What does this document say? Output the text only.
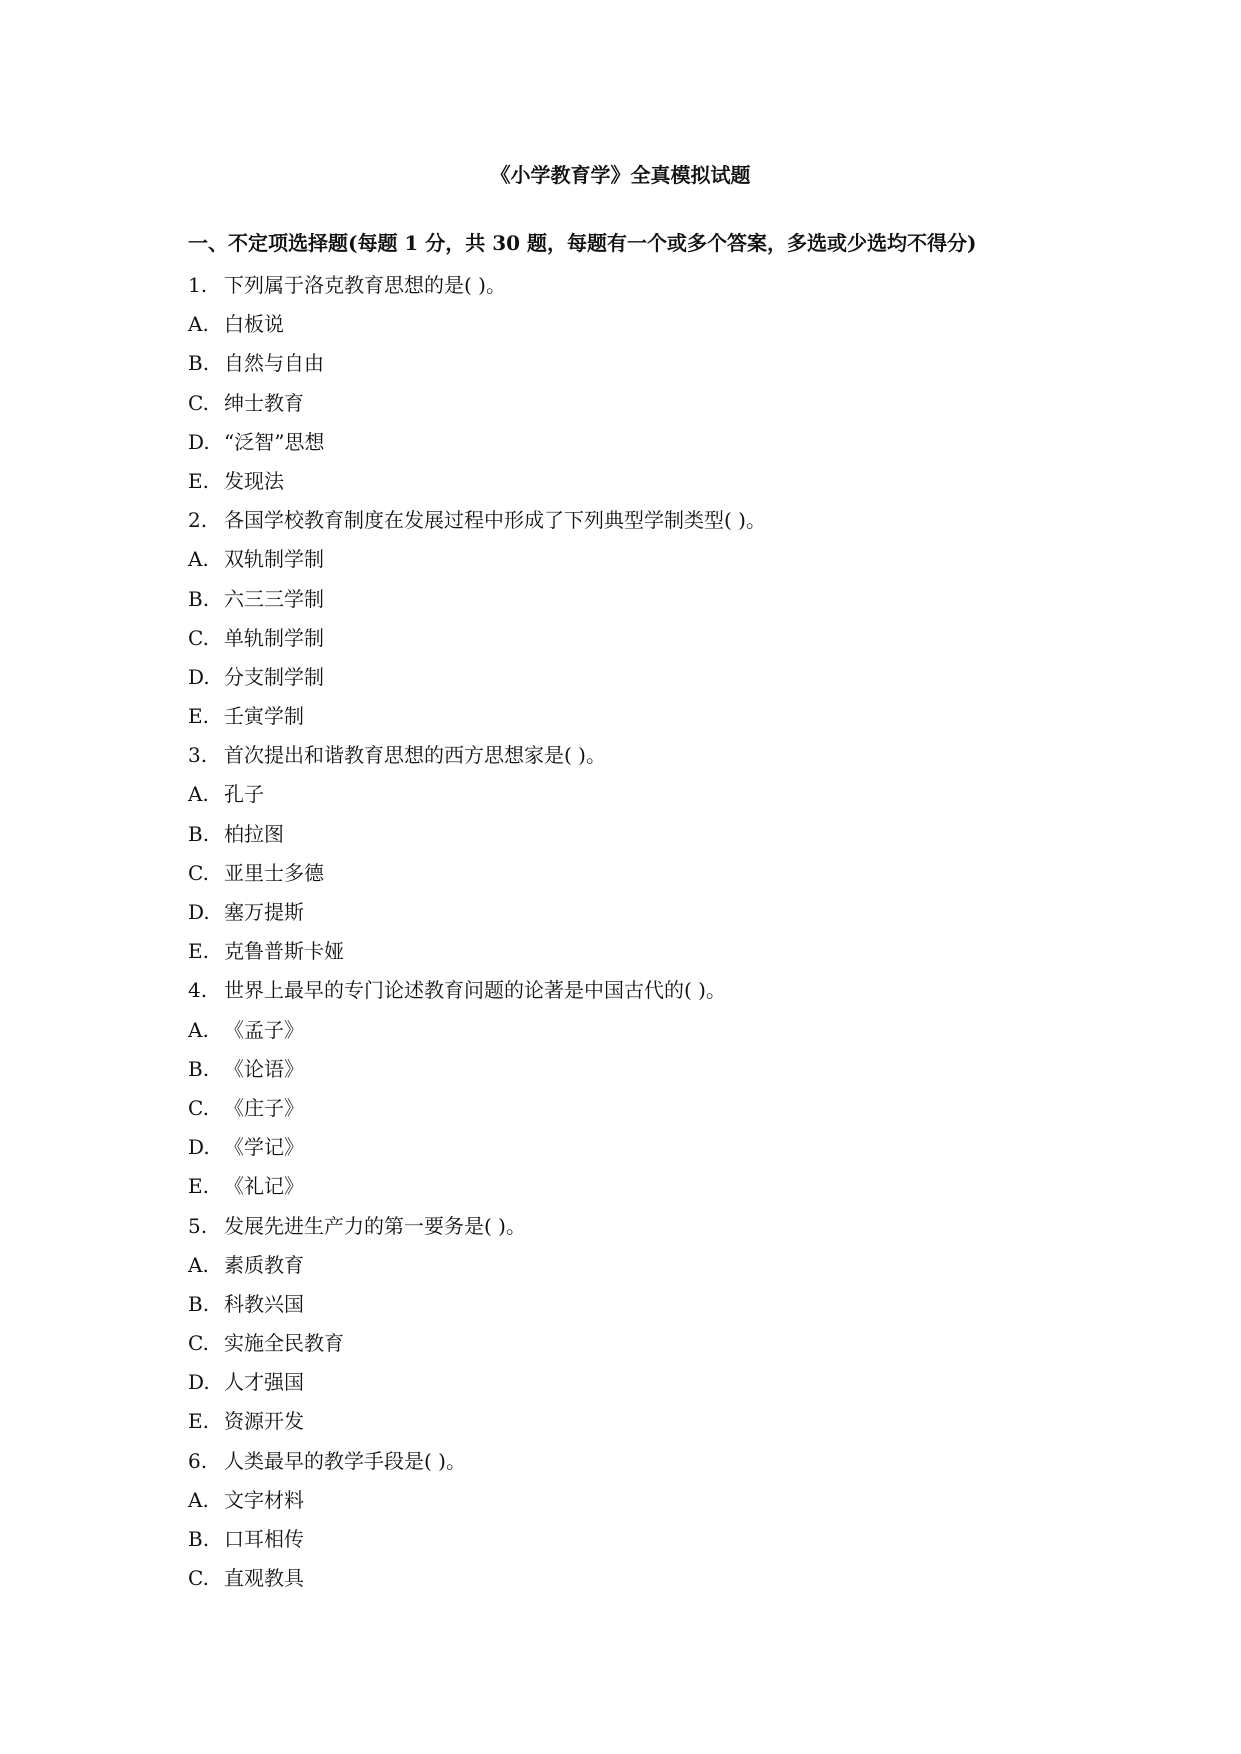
《小学教育学》全真模拟试题
一、不定项选择题(每题 1 分，共 30 题，每题有一个或多个答案，多选或少选均不得分)
1. 下列属于洛克教育思想的是( )。
A. 白板说
B. 自然与自由
C. 绅士教育
D. “泛智”思想
E. 发现法
2. 各国学校教育制度在发展过程中形成了下列典型学制类型( )。
A. 双轨制学制
B. 六三三学制
C. 单轨制学制
D. 分支制学制
E. 壬寅学制
3. 首次提出和谐教育思想的西方思想家是( )。
A. 孔子
B. 柏拉图
C. 亚里士多德
D. 塞万提斯
E. 克鲁普斯卡娅
4. 世界上最早的专门论述教育问题的论著是中国古代的( )。
A. 《孟子》
B. 《论语》
C. 《庄子》
D. 《学记》
E. 《礼记》
5. 发展先进生产力的第一要务是( )。
A. 素质教育
B. 科教兴国
C. 实施全民教育
D. 人才强国
E. 资源开发
6. 人类最早的教学手段是( )。
A. 文字材料
B. 口耳相传
C. 直观教具
